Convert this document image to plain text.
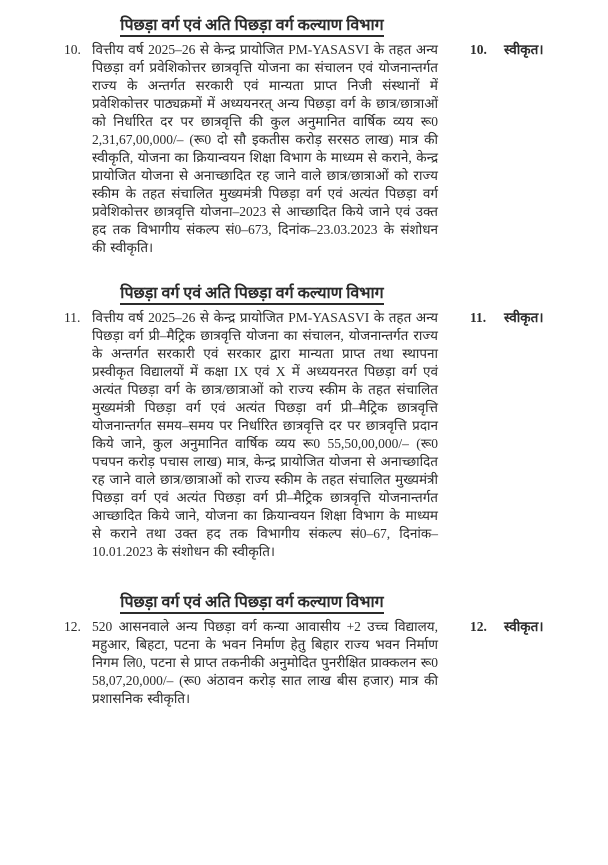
पिछड़ा वर्ग एवं अति पिछड़ा वर्ग कल्याण विभाग
10. वित्तीय वर्ष 2025–26 से केन्द्र प्रायोजित PM-YASASVI के तहत अन्य पिछड़ा वर्ग प्रवेशिकोत्तर छात्रवृत्ति योजना का संचालन एवं योजनान्तर्गत राज्य के अन्तर्गत सरकारी एवं मान्यता प्राप्त निजी संस्थानों में प्रवेशिकोत्तर पाठ्यक्रमों में अध्ययनरत् अन्य पिछड़ा वर्ग के छात्र/छात्राओं को निर्धारित दर पर छात्रवृत्ति की कुल अनुमानित वार्षिक व्यय रू0 2,31,67,00,000/– (रू0 दो सौ इकतीस करोड़ सरसठ लाख) मात्र की स्वीकृति, योजना का क्रियान्वयन शिक्षा विभाग के माध्यम से कराने, केन्द्र प्रायोजित योजना से अनाच्छादित रह जाने वाले छात्र/छात्राओं को राज्य स्कीम के तहत संचालित मुख्यमंत्री पिछड़ा वर्ग एवं अत्यंत पिछड़ा वर्ग प्रवेशिकोत्तर छात्रवृत्ति योजना–2023 से आच्छादित किये जाने एवं उक्त हद तक विभागीय संकल्प सं0–673, दिनांक–23.03.2023 के संशोधन की स्वीकृति।

10.	स्वीकृत।
पिछड़ा वर्ग एवं अति पिछड़ा वर्ग कल्याण विभाग
11. वित्तीय वर्ष 2025–26 से केन्द्र प्रायोजित PM-YASASVI के तहत अन्य पिछड़ा वर्ग प्री–मैट्रिक छात्रवृत्ति योजना का संचालन, योजनान्तर्गत राज्य के अन्तर्गत सरकारी एवं सरकार द्वारा मान्यता प्राप्त तथा स्थापना प्रस्वीकृत विद्यालयों में कक्षा IX एवं X में अध्ययनरत पिछड़ा वर्ग एवं अत्यंत पिछड़ा वर्ग के छात्र/छात्राओं को राज्य स्कीम के तहत संचालित मुख्यमंत्री पिछड़ा वर्ग एवं अत्यंत पिछड़ा वर्ग प्री–मैट्रिक छात्रवृत्ति योजनान्तर्गत समय–समय पर निर्धारित छात्रवृत्ति दर पर छात्रवृत्ति प्रदान किये जाने, कुल अनुमानित वार्षिक व्यय रू0 55,50,00,000/– (रू0 पचपन करोड़ पचास लाख) मात्र, केन्द्र प्रायोजित योजना से अनाच्छादित रह जाने वाले छात्र/छात्राओं को राज्य स्कीम के तहत संचालित मुख्यमंत्री पिछड़ा वर्ग एवं अत्यंत पिछड़ा वर्ग प्री–मैट्रिक छात्रवृत्ति योजनान्तर्गत आच्छादित किये जाने, योजना का क्रियान्वयन शिक्षा विभाग के माध्यम से कराने तथा उक्त हद तक विभागीय संकल्प सं0–67, दिनांक– 10.01.2023 के संशोधन की स्वीकृति।

11.	स्वीकृत।
पिछड़ा वर्ग एवं अति पिछड़ा वर्ग कल्याण विभाग
12. 520 आसनवाले अन्य पिछड़ा वर्ग कन्या आवासीय +2 उच्च विद्यालय, महुआर, बिहटा, पटना के भवन निर्माण हेतु बिहार राज्य भवन निर्माण निगम लि0, पटना से प्राप्त तकनीकी अनुमोदित पुनरीक्षित प्राक्कलन रू0 58,07,20,000/– (रू0 अंठावन करोड़ सात लाख बीस हजार) मात्र की प्रशासनिक स्वीकृति।

12.	स्वीकृत।
